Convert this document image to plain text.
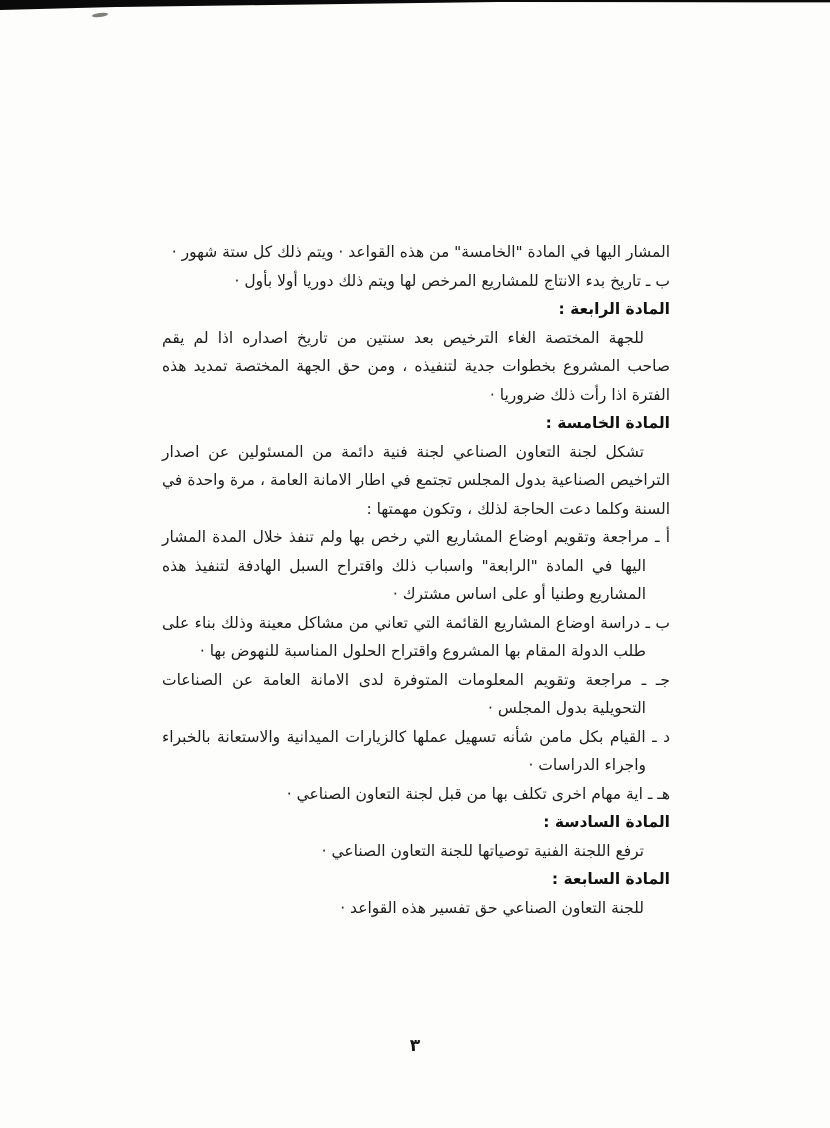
المشار اليها في المادة "الخامسة" من هذه القواعد · ويتم ذلك كل ستة شهور ·

ب ـ تاريخ بدء الانتاج للمشاريع المرخص لها ويتم ذلك دوريا أولا بأول ·

المادة الرابعة :

للجهة المختصة الغاء الترخيص بعد سنتين من تاريخ اصداره اذا لم يقم صاحب المشروع بخطوات جدية لتنفيذه ، ومن حق الجهة المختصة تمديد هذه الفترة اذا رأت ذلك ضروريا ·

المادة الخامسة :

تشكل لجنة التعاون الصناعي لجنة فنية دائمة من المسئولين عن اصدار التراخيص الصناعية بدول المجلس تجتمع في اطار الامانة العامة ، مرة واحدة في السنة وكلما دعت الحاجة لذلك ، وتكون مهمتها :

أ ـ مراجعة وتقويم اوضاع المشاريع التي رخص بها ولم تنفذ خلال المدة المشار اليها في المادة "الرابعة" واسباب ذلك واقتراح السبل الهادفة لتنفيذ هذه المشاريع وطنيا أو على اساس مشترك ·

ب ـ دراسة اوضاع المشاريع القائمة التي تعاني من مشاكل معينة وذلك بناء على طلب الدولة المقام بها المشروع واقتراح الحلول المناسبة للنهوض بها ·

جـ ـ مراجعة وتقويم المعلومات المتوفرة لدى الامانة العامة عن الصناعات التحويلية بدول المجلس ·

د ـ القيام بكل مامن شأنه تسهيل عملها كالزيارات الميدانية والاستعانة بالخبراء واجراء الدراسات ·

هـ ـ اية مهام اخرى تكلف بها من قبل لجنة التعاون الصناعي ·

المادة السادسة :

ترفع اللجنة الفنية توصياتها للجنة التعاون الصناعي ·

المادة السابعة :

للجنة التعاون الصناعي حق تفسير هذه القواعد ·

٣
